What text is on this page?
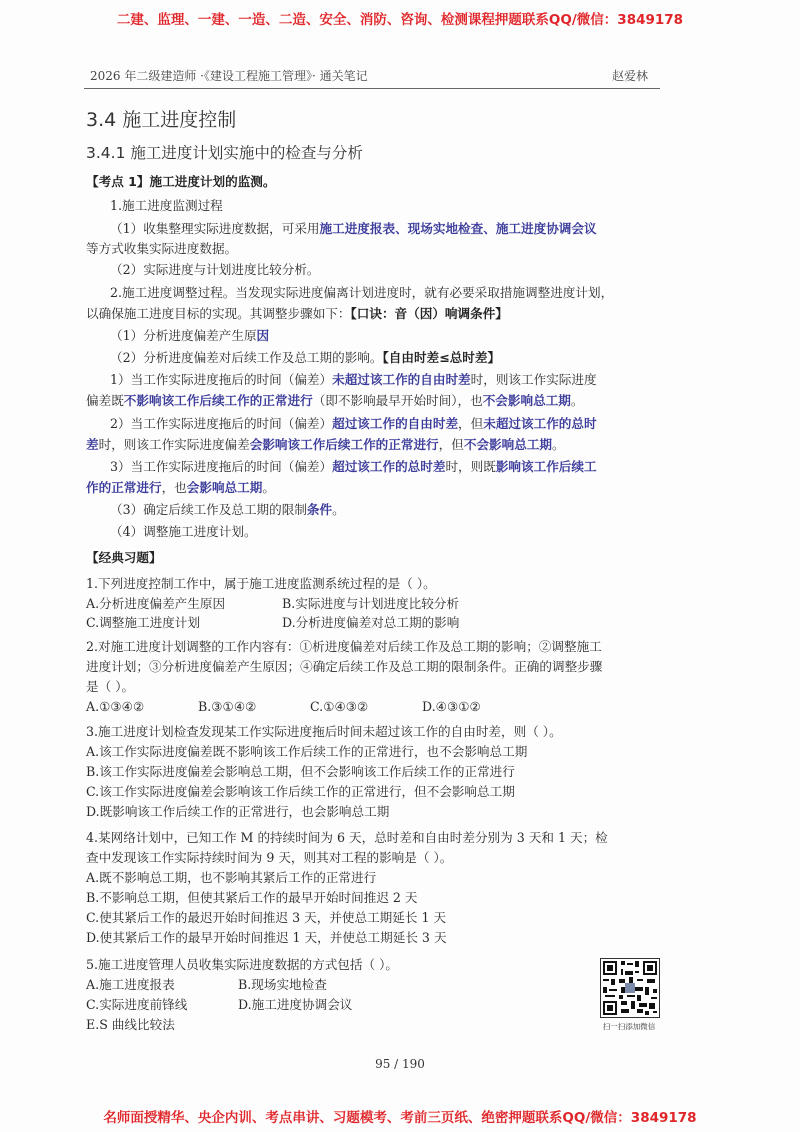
二建、监理、一建、一造、二造、安全、消防、咨询、检测课程押题联系QQ/微信：3849178
2026 年二级建造师 ·《建设工程施工管理》· 通关笔记	赵爱林
3.4 施工进度控制
3.4.1 施工进度计划实施中的检查与分析
【考点 1】施工进度计划的监测。
1.施工进度监测过程
（1）收集整理实际进度数据，可采用施工进度报表、现场实地检查、施工进度协调会议
等方式收集实际进度数据。
（2）实际进度与计划进度比较分析。
2.施工进度调整过程。当发现实际进度偏离计划进度时，就有必要采取措施调整进度计划，
以确保施工进度目标的实现。其调整步骤如下：【口诀：音（因）响调条件】
（1）分析进度偏差产生原因
（2）分析进度偏差对后续工作及总工期的影响。【自由时差≤总时差】
1）当工作实际进度拖后的时间（偏差）未超过该工作的自由时差时，则该工作实际进度
偏差既不影响该工作后续工作的正常进行（即不影响最早开始时间），也不会影响总工期。
2）当工作实际进度拖后的时间（偏差）超过该工作的自由时差，但未超过该工作的总时
差时，则该工作实际进度偏差会影响该工作后续工作的正常进行，但不会影响总工期。
3）当工作实际进度拖后的时间（偏差）超过该工作的总时差时，则既影响该工作后续工
作的正常进行，也会影响总工期。
（3）确定后续工作及总工期的限制条件。
（4）调整施工进度计划。
【经典习题】
1.下列进度控制工作中，属于施工进度监测系统过程的是（ ）。
A.分析进度偏差产生原因	B.实际进度与计划进度比较分析
C.调整施工进度计划	D.分析进度偏差对总工期的影响
2.对施工进度计划调整的工作内容有：①析进度偏差对后续工作及总工期的影响；②调整施工
进度计划；③分析进度偏差产生原因；④确定后续工作及总工期的限制条件。正确的调整步骤
是（ ）。
A.①③④②	B.③①④②	C.①④③②	D.④③①②
3.施工进度计划检查发现某工作实际进度拖后时间未超过该工作的自由时差，则（ ）。
A.该工作实际进度偏差既不影响该工作后续工作的正常进行，也不会影响总工期
B.该工作实际进度偏差会影响总工期，但不会影响该工作后续工作的正常进行
C.该工作实际进度偏差会影响该工作后续工作的正常进行，但不会影响总工期
D.既影响该工作后续工作的正常进行，也会影响总工期
4.某网络计划中，已知工作 M 的持续时间为 6 天，总时差和自由时差分别为 3 天和 1 天；检
查中发现该工作实际持续时间为 9 天，则其对工程的影响是（ ）。
A.既不影响总工期，也不影响其紧后工作的正常进行
B.不影响总工期，但使其紧后工作的最早开始时间推迟 2 天
C.使其紧后工作的最迟开始时间推迟 3 天，并使总工期延长 1 天
D.使其紧后工作的最早开始时间推迟 1 天，并使总工期延长 3 天
5.施工进度管理人员收集实际进度数据的方式包括（ ）。
A.施工进度报表	B.现场实地检查
C.实际进度前锋线	D.施工进度协调会议
E.S 曲线比较法	扫一扫添加微信
95 / 190
名师面授精华、央企内训、考点串讲、习题模考、考前三页纸、绝密押题联系QQ/微信：3849178
